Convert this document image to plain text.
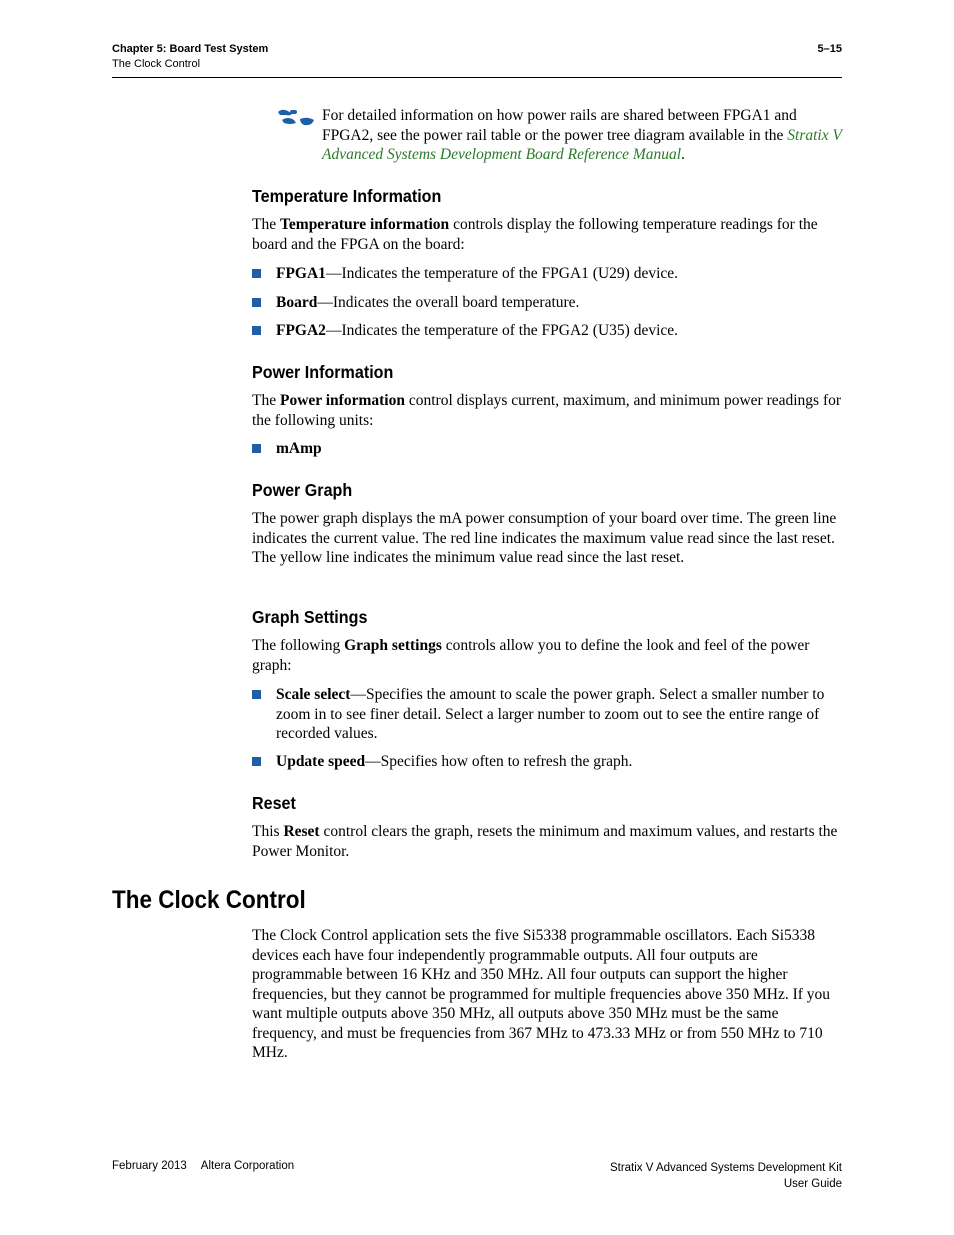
Chapter 5: Board Test System
The Clock Control
5–15
For detailed information on how power rails are shared between FPGA1 and FPGA2, see the power rail table or the power tree diagram available in the Stratix V Advanced Systems Development Board Reference Manual.
Temperature Information
The Temperature information controls display the following temperature readings for the board and the FPGA on the board:
FPGA1—Indicates the temperature of the FPGA1 (U29) device.
Board—Indicates the overall board temperature.
FPGA2—Indicates the temperature of the FPGA2 (U35) device.
Power Information
The Power information control displays current, maximum, and minimum power readings for the following units:
mAmp
Power Graph
The power graph displays the mA power consumption of your board over time. The green line indicates the current value. The red line indicates the maximum value read since the last reset. The yellow line indicates the minimum value read since the last reset.
Graph Settings
The following Graph settings controls allow you to define the look and feel of the power graph:
Scale select—Specifies the amount to scale the power graph. Select a smaller number to zoom in to see finer detail. Select a larger number to zoom out to see the entire range of recorded values.
Update speed—Specifies how often to refresh the graph.
Reset
This Reset control clears the graph, resets the minimum and maximum values, and restarts the Power Monitor.
The Clock Control
The Clock Control application sets the five Si5338 programmable oscillators. Each Si5338 devices each have four independently programmable outputs. All four outputs are programmable between 16 KHz and 350 MHz. All four outputs can support the higher frequencies, but they cannot be programmed for multiple frequencies above 350 MHz. If you want multiple outputs above 350 MHz, all outputs above 350 MHz must be the same frequency, and must be frequencies from 367 MHz to 473.33 MHz or from 550 MHz to 710 MHz.
February 2013 Altera Corporation	Stratix V Advanced Systems Development Kit
User Guide
